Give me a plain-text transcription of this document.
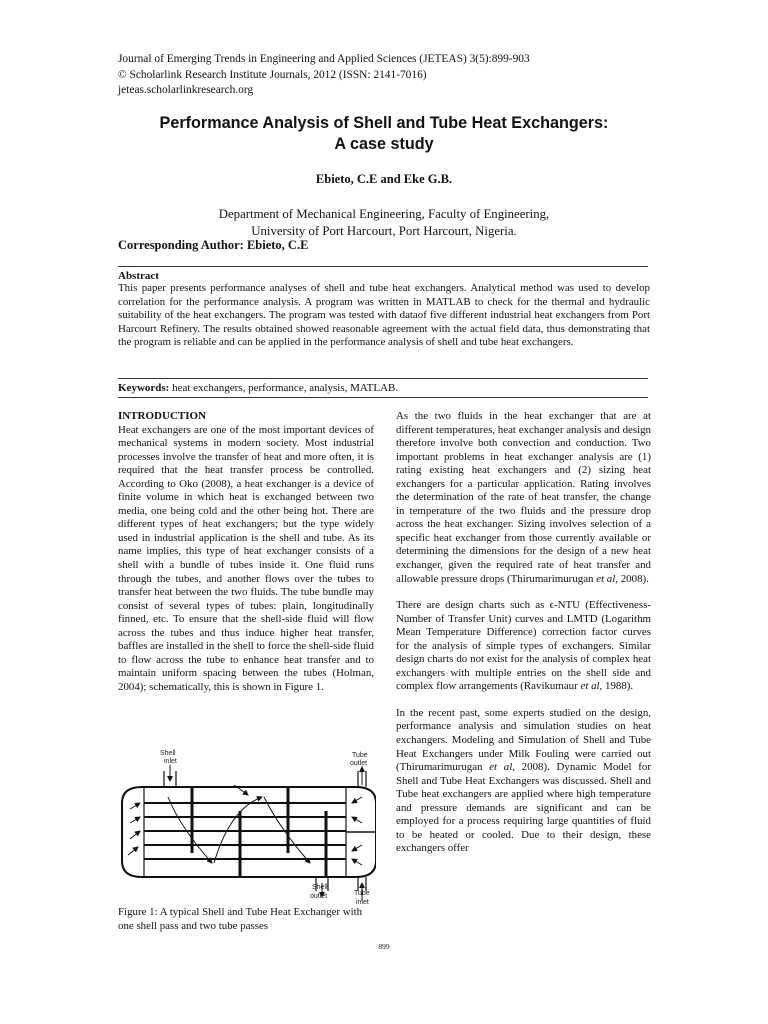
Journal of Emerging Trends in Engineering and Applied Sciences (JETEAS) 3(5):899-903
© Scholarlink Research Institute Journals, 2012 (ISSN: 2141-7016)
jeteas.scholarlinkresearch.org
Performance Analysis of Shell and Tube Heat Exchangers:
A case study
Ebieto, C.E and Eke G.B.
Department of Mechanical Engineering, Faculty of Engineering,
University of Port Harcourt, Port Harcourt, Nigeria.
Corresponding Author: Ebieto, C.E
Abstract
This paper presents performance analyses of shell and tube heat exchangers. Analytical method was used to develop correlation for the performance analysis. A program was written in MATLAB to check for the thermal and hydraulic suitability of the heat exchangers. The program was tested with dataof five different industrial heat exchangers from Port Harcourt Refinery. The results obtained showed reasonable agreement with the actual field data, thus demonstrating that the program is reliable and can be applied in the performance analysis of shell and tube heat exchangers.
Keywords: heat exchangers, performance, analysis, MATLAB.
INTRODUCTION

Heat exchangers are one of the most important devices of mechanical systems in modern society. Most industrial processes involve the transfer of heat and more often, it is required that the heat transfer process be controlled. According to Oko (2008), a heat exchanger is a device of finite volume in which heat is exchanged between two media, one being cold and the other being hot. There are different types of heat exchangers; but the type widely used in industrial application is the shell and tube. As its name implies, this type of heat exchanger consists of a shell with a bundle of tubes inside it. One fluid runs through the tubes, and another flows over the tubes to transfer heat between the two fluids. The tube bundle may consist of several types of tubes: plain, longitudinally finned, etc. To ensure that the shell-side fluid will flow across the tubes and thus induce higher heat transfer, baffles are installed in the shell to force the shell-side fluid to flow across the tube to enhance heat transfer and to maintain uniform spacing between the tubes (Holman, 2004); schematically, this is shown in Figure 1.

Shell
inlet
Tube
outlet
Shell
outlet	Tube
inlet
Figure 1: A typical Shell and Tube Heat Exchanger with one shell pass and two tube passes

As the two fluids in the heat exchanger that are at different temperatures, heat exchanger analysis and design therefore involve both convection and conduction. Two important problems in heat exchanger analysis are (1) rating existing heat exchangers and (2) sizing heat exchangers for a particular application. Rating involves the determination of the rate of heat transfer, the change in temperature of the two fluids and the pressure drop across the heat exchanger. Sizing involves selection of a specific heat exchanger from those currently available or determining the dimensions for the design of a new heat exchanger, given the required rate of heat transfer and allowable pressure drops (Thirumarimurugan et al, 2008).

There are design charts such as ϵ-NTU (Effectiveness- Number of Transfer Unit) curves and LMTD (Logarithm Mean Temperature Difference) correction factor curves for the analysis of simple types of exchangers. Similar design charts do not exist for the analysis of complex heat exchangers with multiple entries on the shell side and complex flow arrangements (Ravikumaur et al, 1988).

In the recent past, some experts studied on the design, performance analysis and simulation studies on heat exchangers. Modeling and Simulation of Shell and Tube Heat Exchangers under Milk Fouling were carried out (Thirumarimurugan et al, 2008). Dynamic Model for Shell and Tube Heat Exchangers was discussed. Shell and Tube heat exchangers are applied where high temperature and pressure demands are significant and can be employed for a process requiring large quantities of fluid to be heated or cooled. Due to their design, these exchangers offer

899
